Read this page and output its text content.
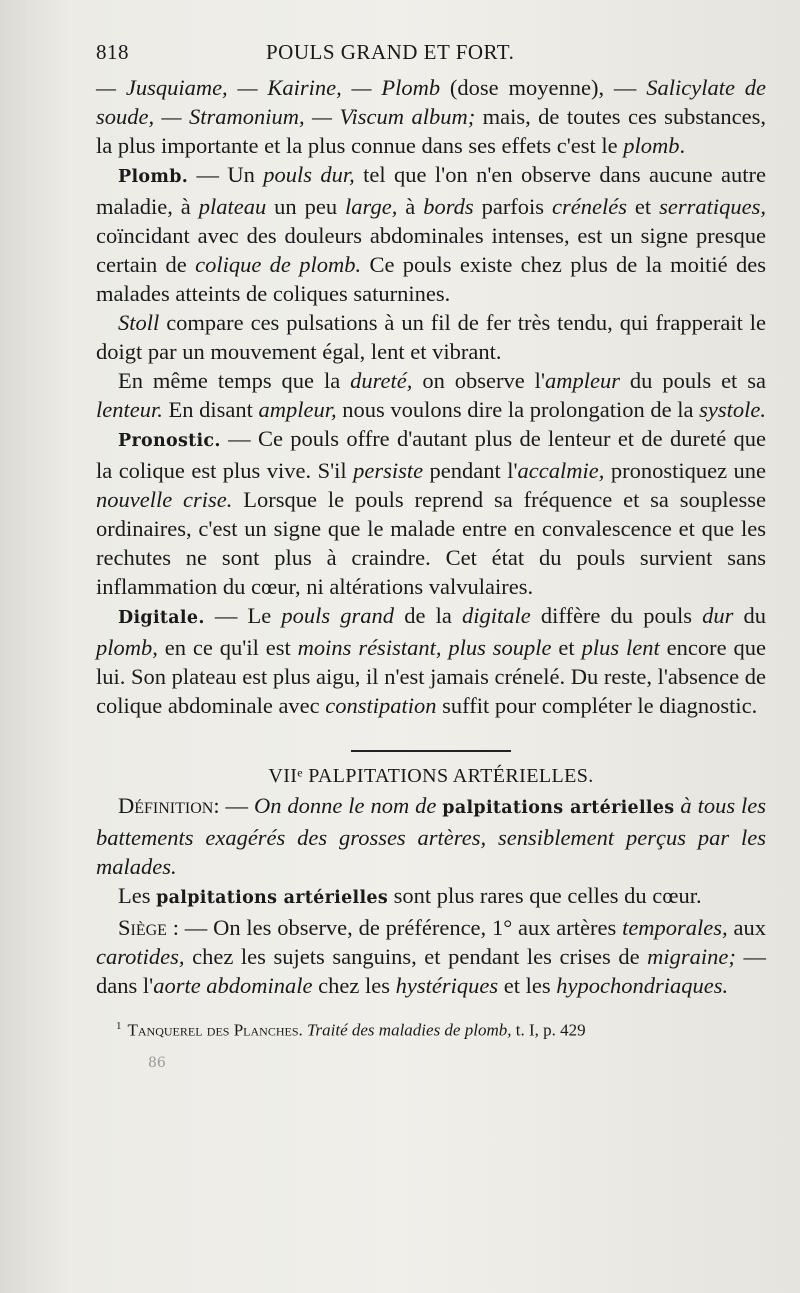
818	POULS GRAND ET FORT.

— Jusquiame, — Kairine, — Plomb (dose moyenne), — Salicylate de soude, — Stramonium, — Viscum album; mais, de toutes ces substances, la plus importante et la plus connue dans ses effets c'est le plomb.

Plomb. — Un pouls dur, tel que l'on n'en observe dans aucune autre maladie, à plateau un peu large, à bords parfois crénelés et serratiques, coïncidant avec des douleurs abdominales intenses, est un signe presque certain de colique de plomb. Ce pouls existe chez plus de la moitié des malades atteints de coliques saturnines.

Stoll compare ces pulsations à un fil de fer très tendu, qui frapperait le doigt par un mouvement égal, lent et vibrant.

En même temps que la dureté, on observe l'ampleur du pouls et sa lenteur. En disant ampleur, nous voulons dire la prolongation de la systole.

Pronostic. — Ce pouls offre d'autant plus de lenteur et de dureté que la colique est plus vive. S'il persiste pendant l'accalmie, pronostiquez une nouvelle crise. Lorsque le pouls reprend sa fréquence et sa souplesse ordinaires, c'est un signe que le malade entre en convalescence et que les rechutes ne sont plus à craindre. Cet état du pouls survient sans inflammation du cœur, ni altérations valvulaires.

Digitale. — Le pouls grand de la digitale diffère du pouls dur du plomb, en ce qu'il est moins résistant, plus souple et plus lent encore que lui. Son plateau est plus aigu, il n'est jamais crénelé. Du reste, l'absence de colique abdominale avec constipation suffit pour compléter le diagnostic.

VIIᵉ PALPITATIONS ARTÉRIELLES.

Définition: — On donne le nom de palpitations artérielles à tous les battements exagérés des grosses artères, sensiblement perçus par les malades.

Les palpitations artérielles sont plus rares que celles du cœur.

Siège : — On les observe, de préférence, 1° aux artères temporales, aux carotides, chez les sujets sanguins, et pendant les crises de migraine; — dans l'aorte abdominale chez les hystériques et les hypochondriaques.

$^1$ Tanquerel des Planches. Traité des maladies de plomb, t. I, p. 429
86
